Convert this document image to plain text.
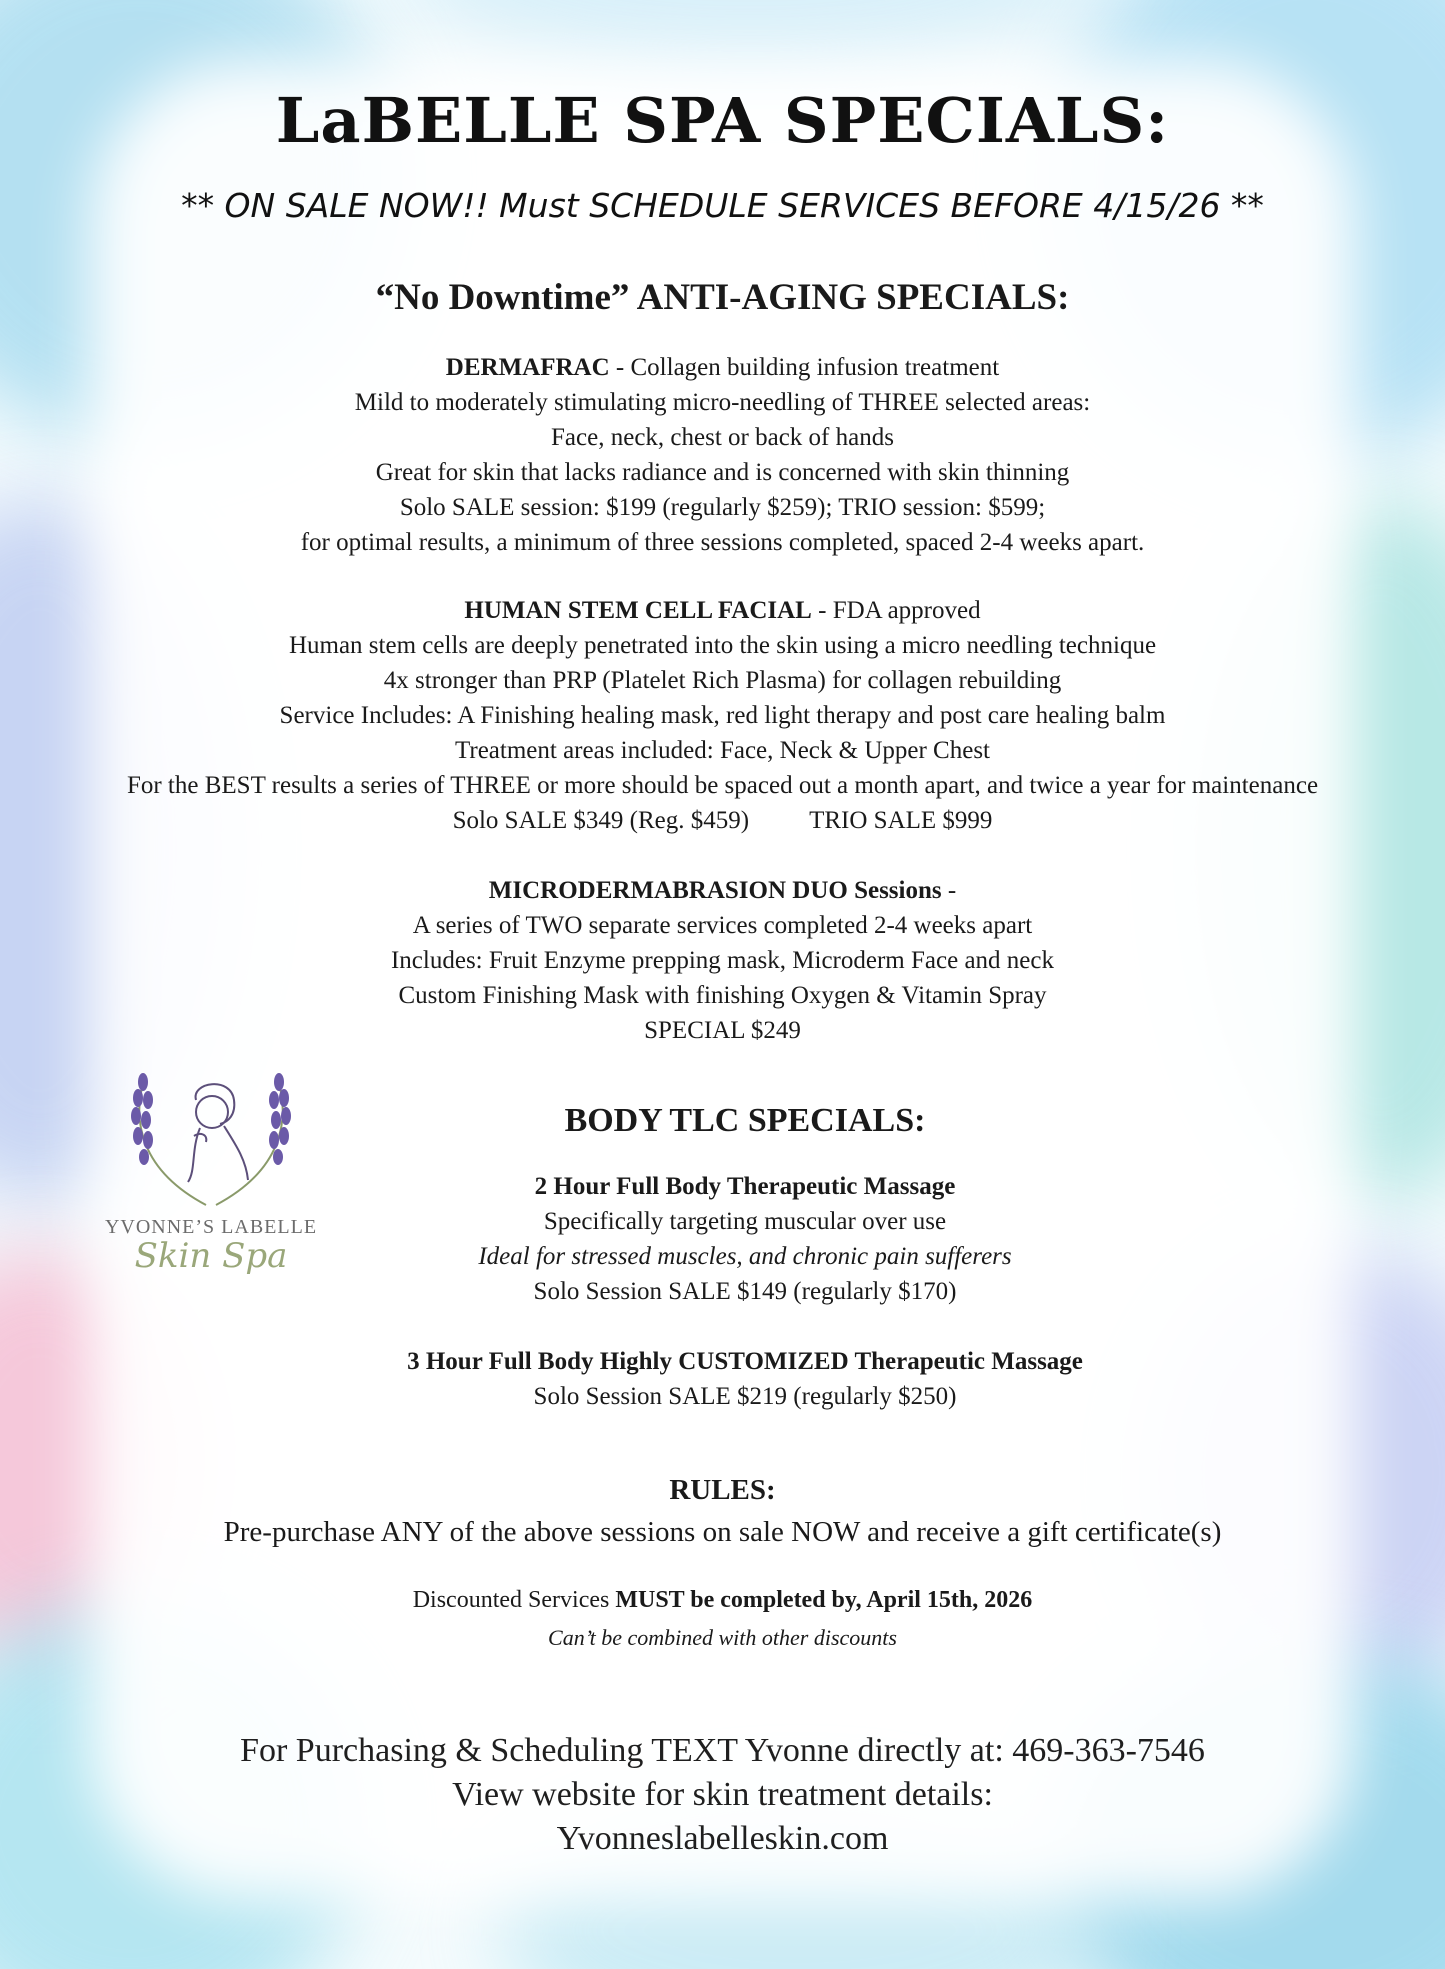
LaBELLE SPA SPECIALS:
** ON SALE NOW!! Must SCHEDULE SERVICES BEFORE 4/15/26 **
“No Downtime” ANTI-AGING SPECIALS:
DERMAFRAC - Collagen building infusion treatment
Mild to moderately stimulating micro-needling of THREE selected areas:
Face, neck, chest or back of hands
Great for skin that lacks radiance and is concerned with skin thinning
Solo SALE session: $199 (regularly $259); TRIO session: $599;
for optimal results, a minimum of three sessions completed, spaced 2-4 weeks apart.
HUMAN STEM CELL FACIAL - FDA approved
Human stem cells are deeply penetrated into the skin using a micro needling technique
4x stronger than PRP (Platelet Rich Plasma) for collagen rebuilding
Service Includes: A Finishing healing mask, red light therapy and post care healing balm
Treatment areas included: Face, Neck & Upper Chest
For the BEST results a series of THREE or more should be spaced out a month apart, and twice a year for maintenance
Solo SALE $349 (Reg. $459) TRIO SALE $999
MICRODERMABRASION DUO Sessions -
A series of TWO separate services completed 2-4 weeks apart
Includes: Fruit Enzyme prepping mask, Microderm Face and neck
Custom Finishing Mask with finishing Oxygen & Vitamin Spray
SPECIAL $249
BODY TLC SPECIALS:
2 Hour Full Body Therapeutic Massage
Specifically targeting muscular over use
Ideal for stressed muscles, and chronic pain sufferers
Solo Session SALE $149 (regularly $170)
3 Hour Full Body Highly CUSTOMIZED Therapeutic Massage
Solo Session SALE $219 (regularly $250)
RULES:
Pre-purchase ANY of the above sessions on sale NOW and receive a gift certificate(s)
Discounted Services MUST be completed by, April 15th, 2026
Can’t be combined with other discounts
For Purchasing & Scheduling TEXT Yvonne directly at: 469-363-7546
View website for skin treatment details:
Yvonneslabelleskin.com
YVONNE’S LABELLE
Skin Spa
